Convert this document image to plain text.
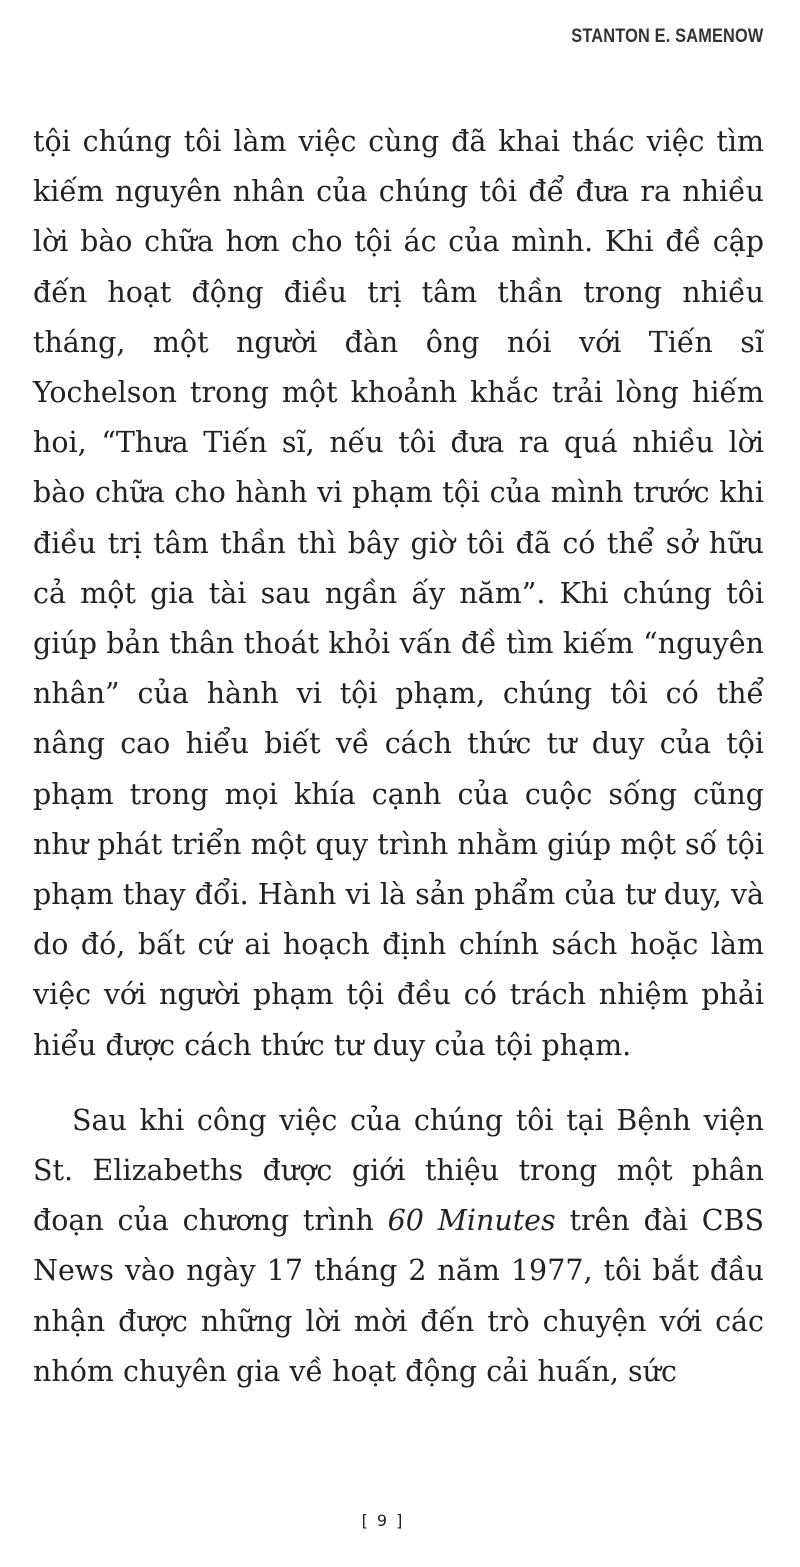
STANTON E. SAMENOW

tội chúng tôi làm việc cùng đã khai thác việc tìm kiếm nguyên nhân của chúng tôi để đưa ra nhiều lời bào chữa hơn cho tội ác của mình. Khi đề cập đến hoạt động điều trị tâm thần trong nhiều tháng, một người đàn ông nói với Tiến sĩ Yochelson trong một khoảnh khắc trải lòng hiếm hoi, “Thưa Tiến sĩ, nếu tôi đưa ra quá nhiều lời bào chữa cho hành vi phạm tội của mình trước khi điều trị tâm thần thì bây giờ tôi đã có thể sở hữu cả một gia tài sau ngần ấy năm”. Khi chúng tôi giúp bản thân thoát khỏi vấn đề tìm kiếm “nguyên nhân” của hành vi tội phạm, chúng tôi có thể nâng cao hiểu biết về cách thức tư duy của tội phạm trong mọi khía cạnh của cuộc sống cũng như phát triển một quy trình nhằm giúp một số tội phạm thay đổi. Hành vi là sản phẩm của tư duy, và do đó, bất cứ ai hoạch định chính sách hoặc làm việc với người phạm tội đều có trách nhiệm phải hiểu được cách thức tư duy của tội phạm.

Sau khi công việc của chúng tôi tại Bệnh viện St. Elizabeths được giới thiệu trong một phân đoạn của chương trình 60 Minutes trên đài CBS News vào ngày 17 tháng 2 năm 1977, tôi bắt đầu nhận được những lời mời đến trò chuyện với các nhóm chuyên gia về hoạt động cải huấn, sức

[ 9 ]
